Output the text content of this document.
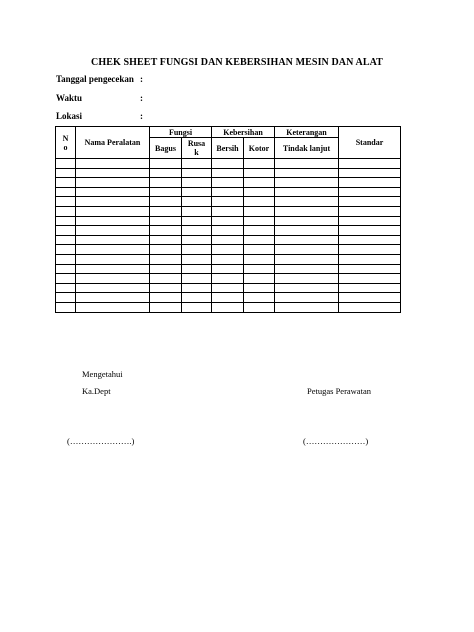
CHEK SHEET FUNGSI DAN KEBERSIHAN MESIN DAN ALAT
Tanggal pengecekan :
Waktu	:
Lokasi	:
No	Nama Peralatan	Fungsi		Kebersihan		Keterangan	Standar
		Bagus	Rusak	Bersih	Kotor	Tindak lanjut	

Mengetahui
Ka.Dept	Petugas Perawatan
(………………….)	(…………………)
